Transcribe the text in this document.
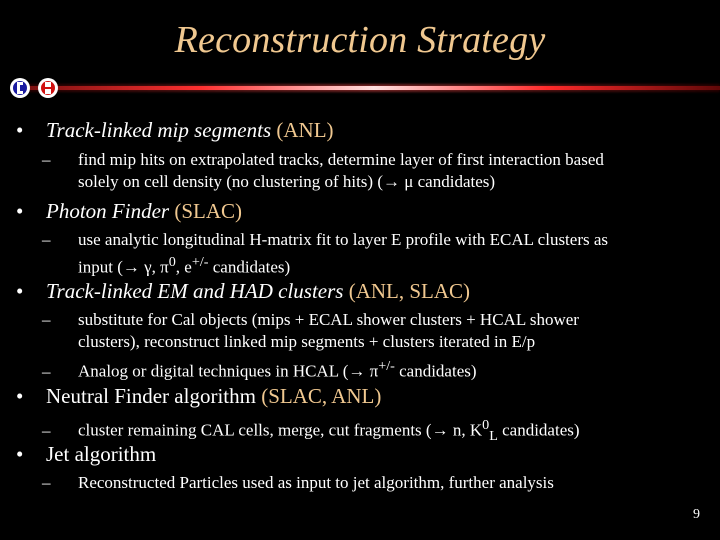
Reconstruction Strategy
• Track-linked mip segments (ANL)
– find mip hits on extrapolated tracks, determine layer of first interaction based
solely on cell density (no clustering of hits) (→ μ candidates)
• Photon Finder (SLAC)
– use analytic longitudinal H-matrix fit to layer E profile with ECAL clusters as
input (→ γ, $\pi^0$, e+/- candidates)
• Track-linked EM and HAD clusters (ANL, SLAC)
– substitute for Cal objects (mips + ECAL shower clusters + HCAL shower
clusters), reconstruct linked mip segments + clusters iterated in E/p
– Analog or digital techniques in HCAL (→ π+/- candidates)
• Neutral Finder algorithm (SLAC, ANL)
– cluster remaining CAL cells, merge, cut fragments (→ n, $K^0_L$ candidates)
• Jet algorithm
– Reconstructed Particles used as input to jet algorithm, further analysis
9
